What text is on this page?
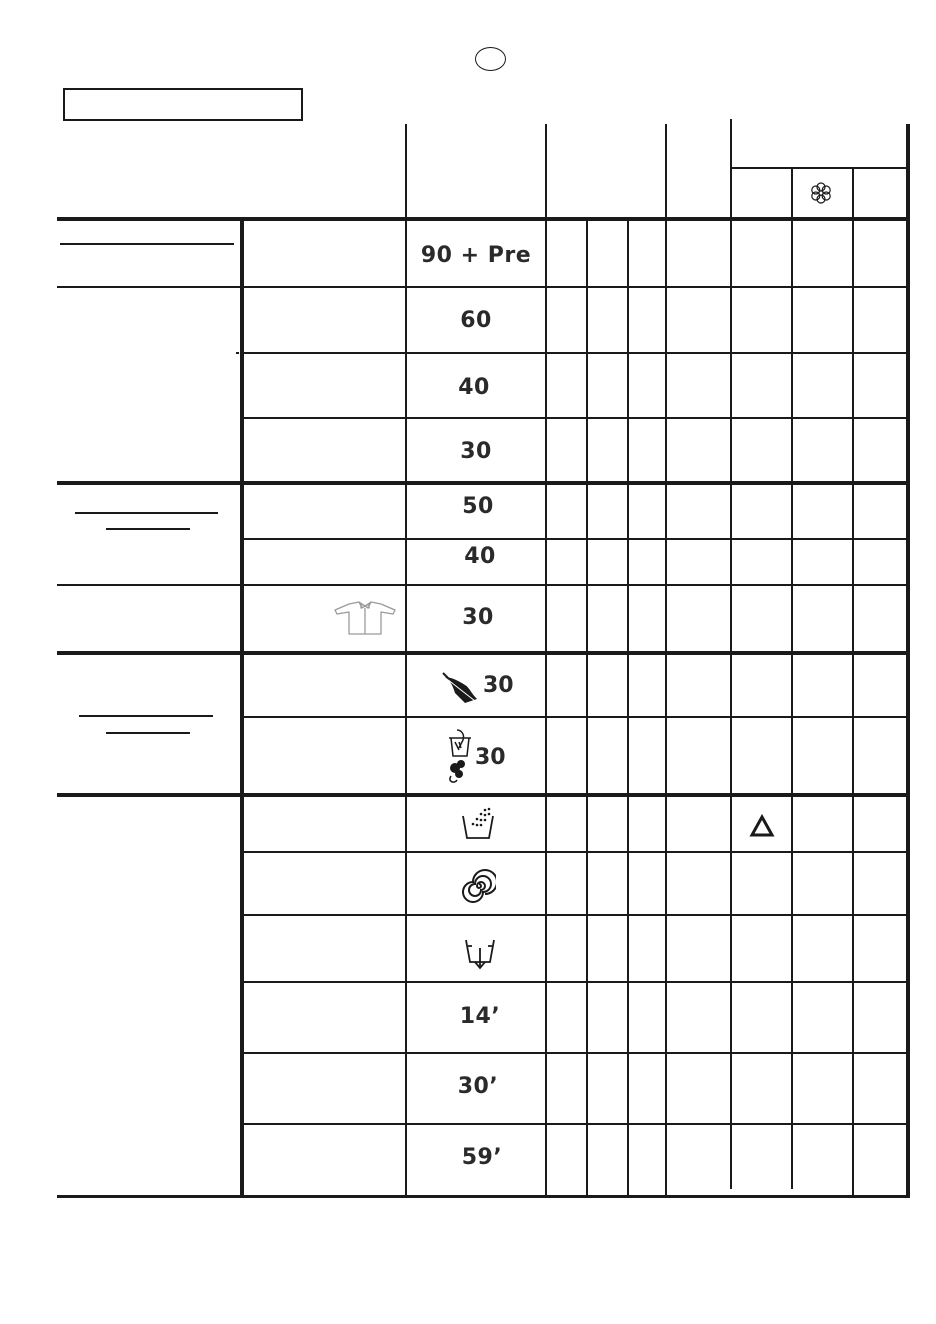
90 + Pre
60
40
30
50
40
30
30
30
14’
30’
59’
